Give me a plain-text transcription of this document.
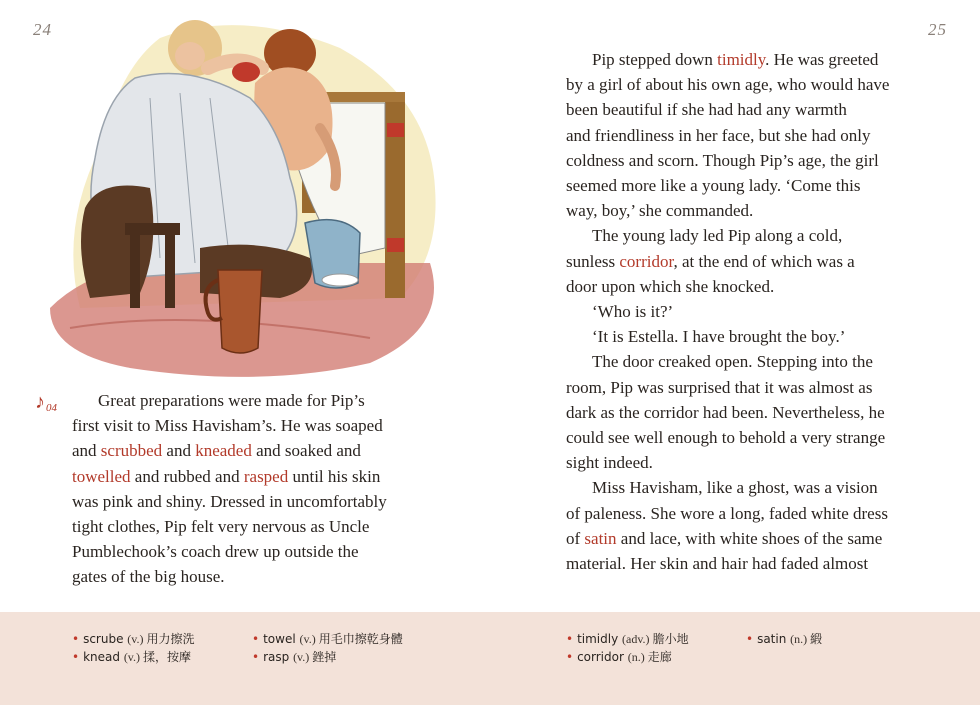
24	25
$♪_{04}$	Great preparations were made for Pip’s
first visit to Miss Havisham’s. He was soaped
and scrubbed and kneaded and soaked and
towelled and rubbed and rasped until his skin
was pink and shiny. Dressed in uncomfortably
tight clothes, Pip felt very nervous as Uncle
Pumblechook’s coach drew up outside the
gates of the big house.

Pip stepped down timidly. He was greeted
by a girl of about his own age, who would have
been beautiful if she had had any warmth
and friendliness in her face, but she had only
coldness and scorn. Though Pip’s age, the girl
seemed more like a young lady. ‘Come this
way, boy,’ she commanded.

The young lady led Pip along a cold,
sunless corridor, at the end of which was a
door upon which she knocked.

‘Who is it?’

‘It is Estella. I have brought the boy.’

The door creaked open. Stepping into the
room, Pip was surprised that it was almost as
dark as the corridor had been. Nevertheless, he
could see well enough to behold a very strange
sight indeed.

Miss Havisham, like a ghost, was a vision
of paleness. She wore a long, faded white dress
of satin and lace, with white shoes of the same
material. Her skin and hair had faded almost

• scrube (v.) 用力擦洗
• knead (v.) 揉，按摩
• towel (v.) 用毛巾擦乾身體
• rasp (v.) 銼掉
• timidly (adv.) 膽小地
• corridor (n.) 走廊
• satin (n.) 緞
